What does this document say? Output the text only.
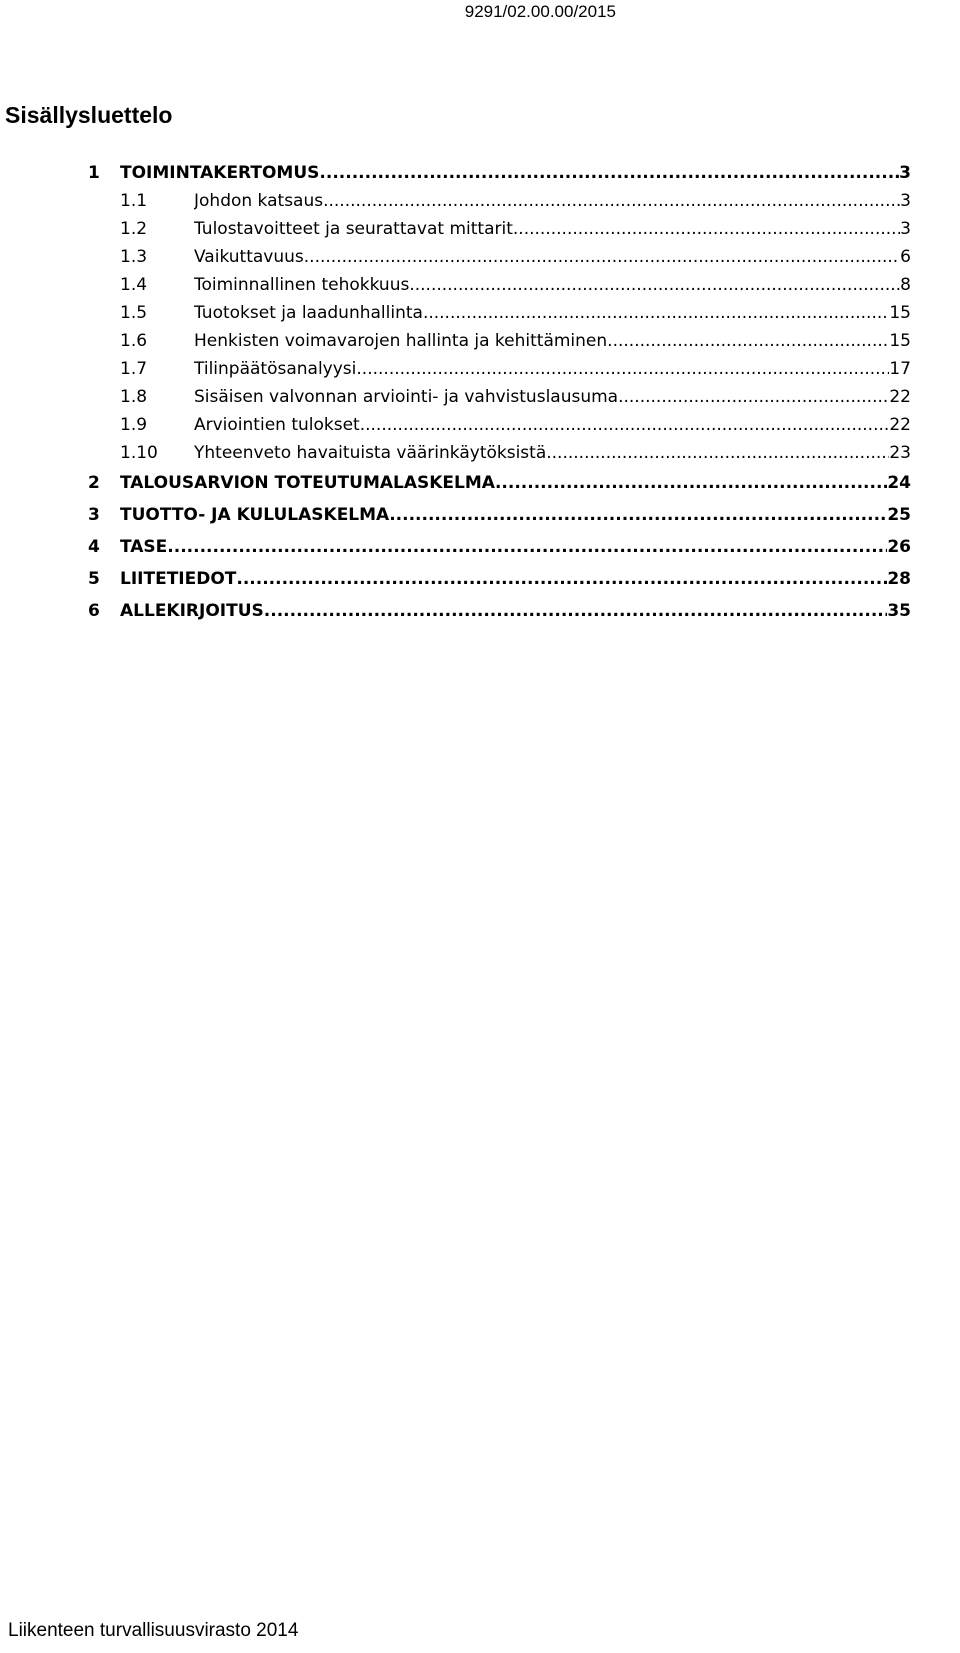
9291/02.00.00/2015
Sisällysluettelo
1 TOIMINTAKERTOMUS .....	3
1.1	Johdon katsaus .....	3
1.2	Tulostavoitteet ja seurattavat mittarit .....	3
1.3	Vaikuttavuus .....	6
1.4	Toiminnallinen tehokkuus .....	8
1.5	Tuotokset ja laadunhallinta .....	15
1.6	Henkisten voimavarojen hallinta ja kehittäminen .....	15
1.7	Tilinpäätösanalyysi .....	17
1.8	Sisäisen valvonnan arviointi- ja vahvistuslausuma .....	22
1.9	Arviointien tulokset .....	22
1.10 Yhteenveto havaituista väärinkäytöksistä .....	23
2 TALOUSARVION TOTEUTUMALASKELMA .....	24
3 TUOTTO- JA KULULASKELMA .....	25
4 TASE .....	26
5 LIITETIEDOT .....	28
6 ALLEKIRJOITUS .....	35
Liikenteen turvallisuusvirasto 2014
